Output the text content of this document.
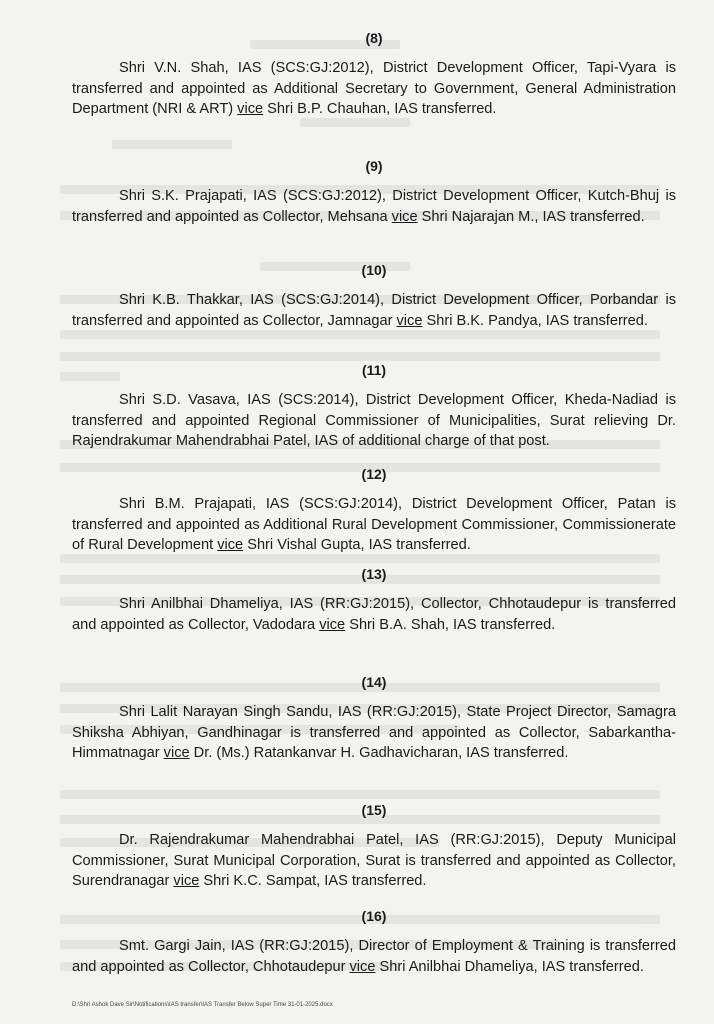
(8)

Shri V.N. Shah, IAS (SCS:GJ:2012), District Development Officer, Tapi-Vyara is transferred and appointed as Additional Secretary to Government, General Administration Department (NRI & ART) vice Shri B.P. Chauhan, IAS transferred.

(9)

Shri S.K. Prajapati, IAS (SCS:GJ:2012), District Development Officer, Kutch-Bhuj is transferred and appointed as Collector, Mehsana vice Shri Najarajan M., IAS transferred.

(10)

Shri K.B. Thakkar, IAS (SCS:GJ:2014), District Development Officer, Porbandar is transferred and appointed as Collector, Jamnagar vice Shri B.K. Pandya, IAS transferred.

(11)

Shri S.D. Vasava, IAS (SCS:2014), District Development Officer, Kheda-Nadiad is transferred and appointed Regional Commissioner of Municipalities, Surat relieving Dr. Rajendrakumar Mahendrabhai Patel, IAS of additional charge of that post.

(12)

Shri B.M. Prajapati, IAS (SCS:GJ:2014), District Development Officer, Patan is transferred and appointed as Additional Rural Development Commissioner, Commissionerate of Rural Development vice Shri Vishal Gupta, IAS transferred.

(13)

Shri Anilbhai Dhameliya, IAS (RR:GJ:2015), Collector, Chhotaudepur is transferred and appointed as Collector, Vadodara vice Shri B.A. Shah, IAS transferred.

(14)

Shri Lalit Narayan Singh Sandu, IAS (RR:GJ:2015), State Project Director, Samagra Shiksha Abhiyan, Gandhinagar is transferred and appointed as Collector, Sabarkantha-Himmatnagar vice Dr. (Ms.) Ratankanvar H. Gadhavicharan, IAS transferred.

(15)

Dr. Rajendrakumar Mahendrabhai Patel, IAS (RR:GJ:2015), Deputy Municipal Commissioner, Surat Municipal Corporation, Surat is transferred and appointed as Collector, Surendranagar vice Shri K.C. Sampat, IAS transferred.

(16)

Smt. Gargi Jain, IAS (RR:GJ:2015), Director of Employment & Training is transferred and appointed as Collector, Chhotaudepur vice Shri Anilbhai Dhameliya, IAS transferred.

D:\Shri Ashok Dave Sir\Notifications\IAS transfer\IAS Transfer Below Super Time 31-01-2025.docx
